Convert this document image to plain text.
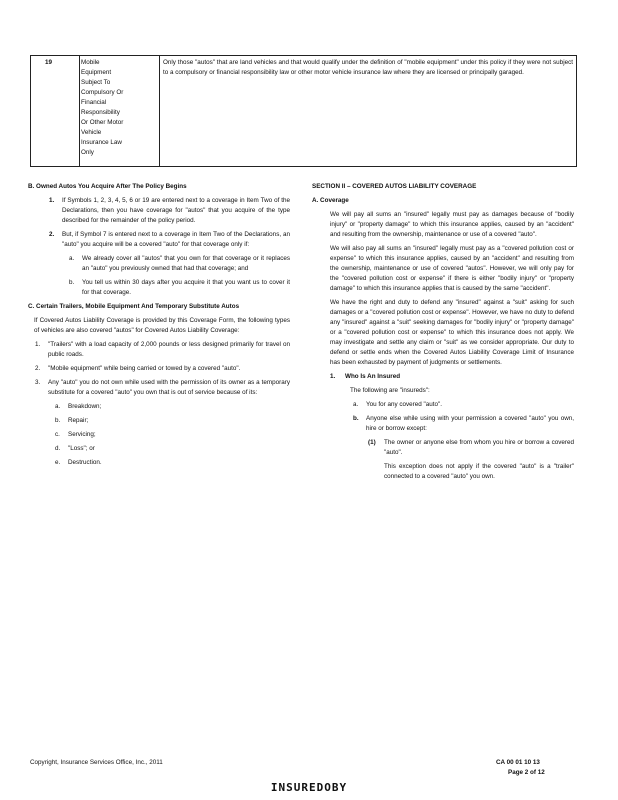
19	Mobile
Equipment
Subject To
Compulsory Or
Financial
Responsibility
Or Other Motor
Vehicle
Insurance Law
Only
Only those "autos" that are land vehicles and that would qualify under the definition of "mobile equipment" under this policy if they were not subject to a compulsory or financial responsibility law or other motor vehicle insurance law where they are licensed or principally garaged.
B. Owned Autos You Acquire After The Policy Begins
1. If Symbols 1, 2, 3, 4, 5, 6 or 19 are entered next to a coverage in Item Two of the Declarations, then you have coverage for "autos" that you acquire of the type described for the remainder of the policy period.
2. But, if Symbol 7 is entered next to a coverage in Item Two of the Declarations, an "auto" you acquire will be a covered "auto" for that coverage only if:
a. We already cover all "autos" that you own for that coverage or it replaces an "auto" you previously owned that had that coverage; and
b. You tell us within 30 days after you acquire it that you want us to cover it for that coverage.
C. Certain Trailers, Mobile Equipment And Temporary Substitute Autos
If Covered Autos Liability Coverage is provided by this Coverage Form, the following types of vehicles are also covered "autos" for Covered Autos Liability Coverage:
1. "Trailers" with a load capacity of 2,000 pounds or less designed primarily for travel on public roads.
2. "Mobile equipment" while being carried or towed by a covered "auto".
3. Any "auto" you do not own while used with the permission of its owner as a temporary substitute for a covered "auto" you own that is out of service because of its:
a. Breakdown;
b. Repair;
c. Servicing;
d. "Loss"; or
e. Destruction.
SECTION II – COVERED AUTOS LIABILITY COVERAGE
A. Coverage
We will pay all sums an "insured" legally must pay as damages because of "bodily injury" or "property damage" to which this insurance applies, caused by an "accident" and resulting from the ownership, maintenance or use of a covered "auto".
We will also pay all sums an "insured" legally must pay as a "covered pollution cost or expense" to which this insurance applies, caused by an "accident" and resulting from the ownership, maintenance or use of covered "autos". However, we will only pay for the "covered pollution cost or expense" if there is either "bodily injury" or "property damage" to which this insurance applies that is caused by the same "accident".
We have the right and duty to defend any "insured" against a "suit" asking for such damages or a "covered pollution cost or expense". However, we have no duty to defend any "insured" against a "suit" seeking damages for "bodily injury" or "property damage" or a "covered pollution cost or expense" to which this insurance does not apply. We may investigate and settle any claim or "suit" as we consider appropriate. Our duty to defend or settle ends when the Covered Autos Liability Coverage Limit of Insurance has been exhausted by payment of judgments or settlements.
1. Who Is An Insured
The following are "insureds":
a. You for any covered "auto".
b. Anyone else while using with your permission a covered "auto" you own, hire or borrow except:
(1) The owner or anyone else from whom you hire or borrow a covered "auto".
This exception does not apply if the covered "auto" is a "trailer" connected to a covered "auto" you own.
Copyright, Insurance Services Office, Inc., 2011	CA 00 01 10 13
Page 2 of 12
INSUREDOBY
